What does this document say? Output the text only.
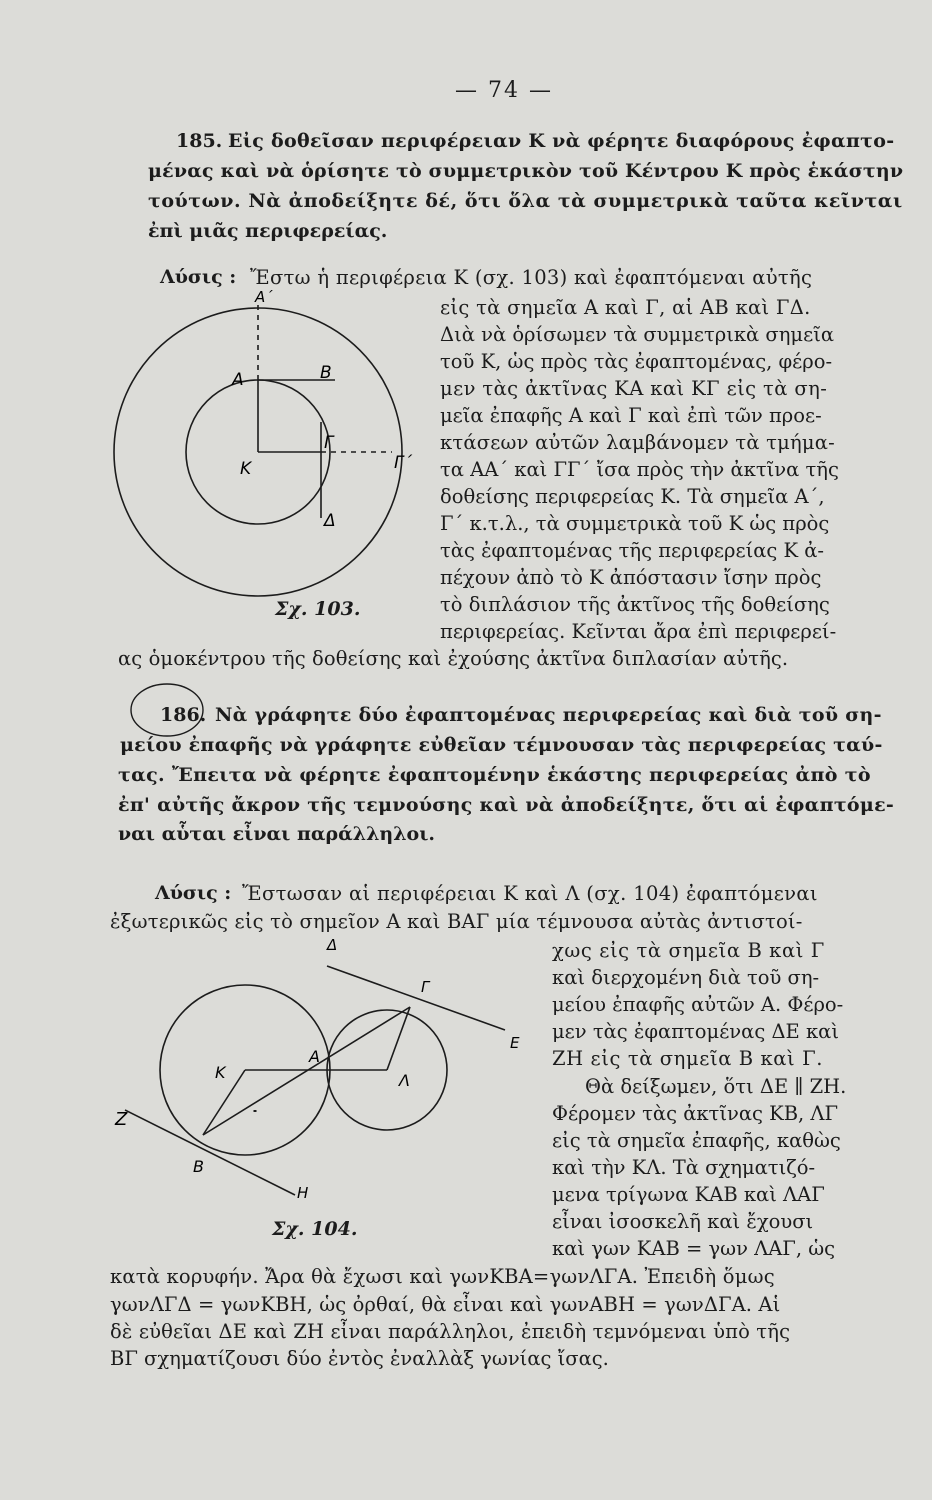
— 74 —
185. Εἰς δοθεῖσαν περιφέρειαν Κ νὰ φέρητε διαφόρους ἐφαπτο-
μένας καὶ νὰ ὁρίσητε τὸ συμμετρικὸν τοῦ Κέντρου Κ πρὸς ἑκάστην
τούτων. Νὰ ἀποδείξητε δέ, ὅτι ὅλα τὰ συμμετρικὰ ταῦτα κεῖνται
ἐπὶ μιᾶς περιφερείας.
Λύσις : Ἔστω ἡ περιφέρεια Κ (σχ. 103) καὶ ἐφαπτόμεναι αὐτῆς
εἰς τὰ σημεῖα Α καὶ Γ, αἱ ΑΒ καὶ ΓΔ.
Διὰ νὰ ὁρίσωμεν τὰ συμμετρικὰ σημεῖα
τοῦ Κ, ὡς πρὸς τὰς ἐφαπτομένας, φέρο-
μεν τὰς ἀκτῖνας ΚΑ καὶ ΚΓ εἰς τὰ ση-
μεῖα ἐπαφῆς Α καὶ Γ καὶ ἐπὶ τῶν προε-
κτάσεων αὐτῶν λαμβάνομεν τὰ τμήμα-
τα ΑΑ΄ καὶ ΓΓ΄ ἴσα πρὸς τὴν ἀκτῖνα τῆς
δοθείσης περιφερείας Κ. Τὰ σημεῖα Α΄,
Γ΄ κ.τ.λ., τὰ συμμετρικὰ τοῦ Κ ὡς πρὸς
τὰς ἐφαπτομένας τῆς περιφερείας Κ ἀ-
πέχουν ἀπὸ τὸ Κ ἀπόστασιν ἴσην πρὸς
τὸ διπλάσιον τῆς ἀκτῖνος τῆς δοθείσης
περιφερείας. Κεῖνται ἄρα ἐπὶ περιφερεί-
ας ὁμοκέντρου τῆς δοθείσης καὶ ἐχούσης ἀκτῖνα διπλασίαν αὐτῆς.
Α΄
Α	Β
Γ
Γ΄
Κ
Δ
Σχ. 103.
186. Νὰ γράφητε δύο ἐφαπτομένας περιφερείας καὶ διὰ τοῦ ση-
μείου ἐπαφῆς νὰ γράφητε εὐθεῖαν τέμνουσαν τὰς περιφερείας ταύ-
τας. Ἔπειτα νὰ φέρητε ἐφαπτομένην ἑκάστης περιφερείας ἀπὸ τὸ
ἐπ' αὐτῆς ἄκρον τῆς τεμνούσης καὶ νὰ ἀποδείξητε, ὅτι αἱ ἐφαπτόμε-
ναι αὗται εἶναι παράλληλοι.
Λύσις : Ἔστωσαν αἱ περιφέρειαι Κ καὶ Λ (σχ. 104) ἐφαπτόμεναι
ἐξωτερικῶς εἰς τὸ σημεῖον Α καὶ ΒΑΓ μία τέμνουσα αὐτὰς ἀντιστοί-
χως εἰς τὰ σημεῖα Β καὶ Γ
καὶ διερχομένη διὰ τοῦ ση-
μείου ἐπαφῆς αὐτῶν Α. Φέρο-
μεν τὰς ἐφαπτομένας ΔΕ καὶ
ΖΗ εἰς τὰ σημεῖα Β καὶ Γ.
Θὰ δείξωμεν, ὅτι ΔΕ ∥ ΖΗ.
Φέρομεν τὰς ἀκτῖνας ΚΒ, ΛΓ
εἰς τὰ σημεῖα ἐπαφῆς, καθὼς
καὶ τὴν ΚΛ. Τὰ σχηματιζό-
μενα τρίγωνα ΚΑΒ καὶ ΛΑΓ
εἶναι ἰσοσκελῆ καὶ ἔχουσι
καὶ γων ΚΑΒ = γων ΛΑΓ, ὡς
κατὰ κορυφήν. Ἄρα θὰ ἔχωσι καὶ γωνΚΒΑ=γωνΛΓΑ. Ἐπειδὴ ὅμως
γωνΛΓΔ = γωνΚΒΗ, ὡς ὀρθαί, θὰ εἶναι καὶ γωνΑΒΗ = γωνΔΓΑ. Αἱ
δὲ εὐθεῖαι ΔΕ καὶ ΖΗ εἶναι παράλληλοι, ἐπειδὴ τεμνόμεναι ὑπὸ τῆς
ΒΓ σχηματίζουσι δύο ἐντὸς ἐναλλὰξ γωνίας ἴσας.
Δ
Γ
Ε
Κ
Α
Λ
Ζ
Β
Η
Σχ. 104.
